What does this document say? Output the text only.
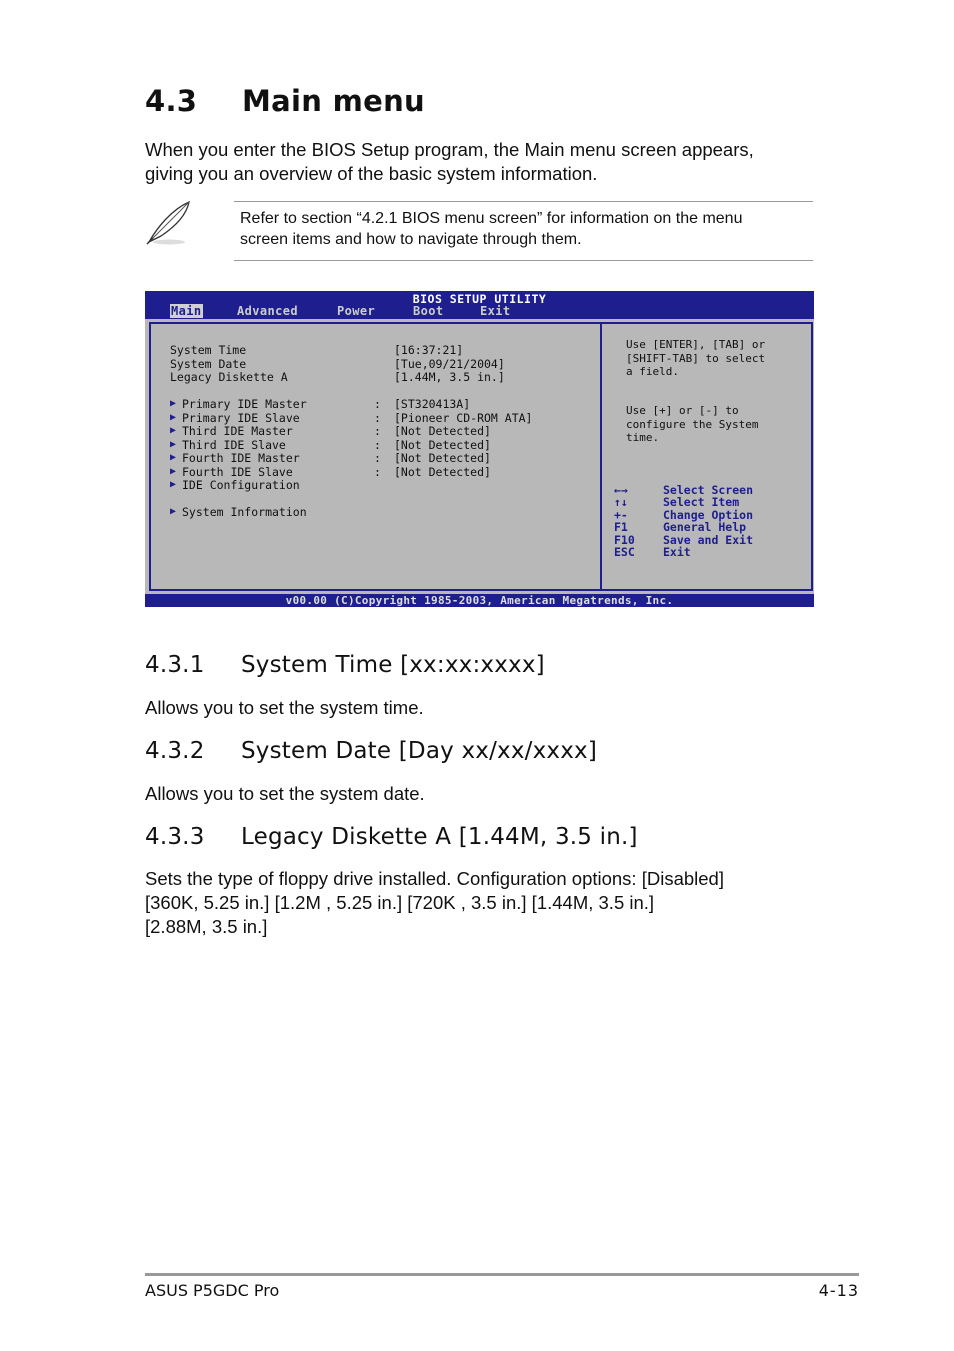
4.3 Main menu

When you enter the BIOS Setup program, the Main menu screen appears,
giving you an overview of the basic system information.

Refer to section “4.2.1 BIOS menu screen” for information on the menu
screen items and how to navigate through them.
BIOS SETUP UTILITY
Main	Advanced	Power	Boot	Exit
System Time	[16:37:21]
System Date	[Tue,09/21/2004]
Legacy Diskette A	[1.44M, 3.5 in.]
▶ Primary IDE Master	: [ST320413A]
▶ Primary IDE Slave	: [Pioneer CD-ROM ATA]
▶ Third IDE Master	: [Not Detected]
▶ Third IDE Slave	: [Not Detected]
▶ Fourth IDE Master	: [Not Detected]
▶ Fourth IDE Slave	: [Not Detected]
▶ IDE Configuration
▶ System Information
Use [ENTER], [TAB] or
[SHIFT-TAB] to select
a field.
Use [+] or [-] to
configure the System
time.
←→	Select Screen
↑↓	Select Item
+-	Change Option
F1	General Help
F10 Save and Exit
ESC Exit
v00.00 (C)Copyright 1985-2003, American Megatrends, Inc.
4.3.1 System Time [xx:xx:xxxx]

Allows you to set the system time.

4.3.2 System Date [Day xx/xx/xxxx]

Allows you to set the system date.

4.3.3 Legacy Diskette A [1.44M, 3.5 in.]

Sets the type of floppy drive installed. Configuration options: [Disabled]
[360K, 5.25 in.] [1.2M , 5.25 in.] [720K , 3.5 in.] [1.44M, 3.5 in.]
[2.88M, 3.5 in.]

ASUS P5GDC Pro	4-13
